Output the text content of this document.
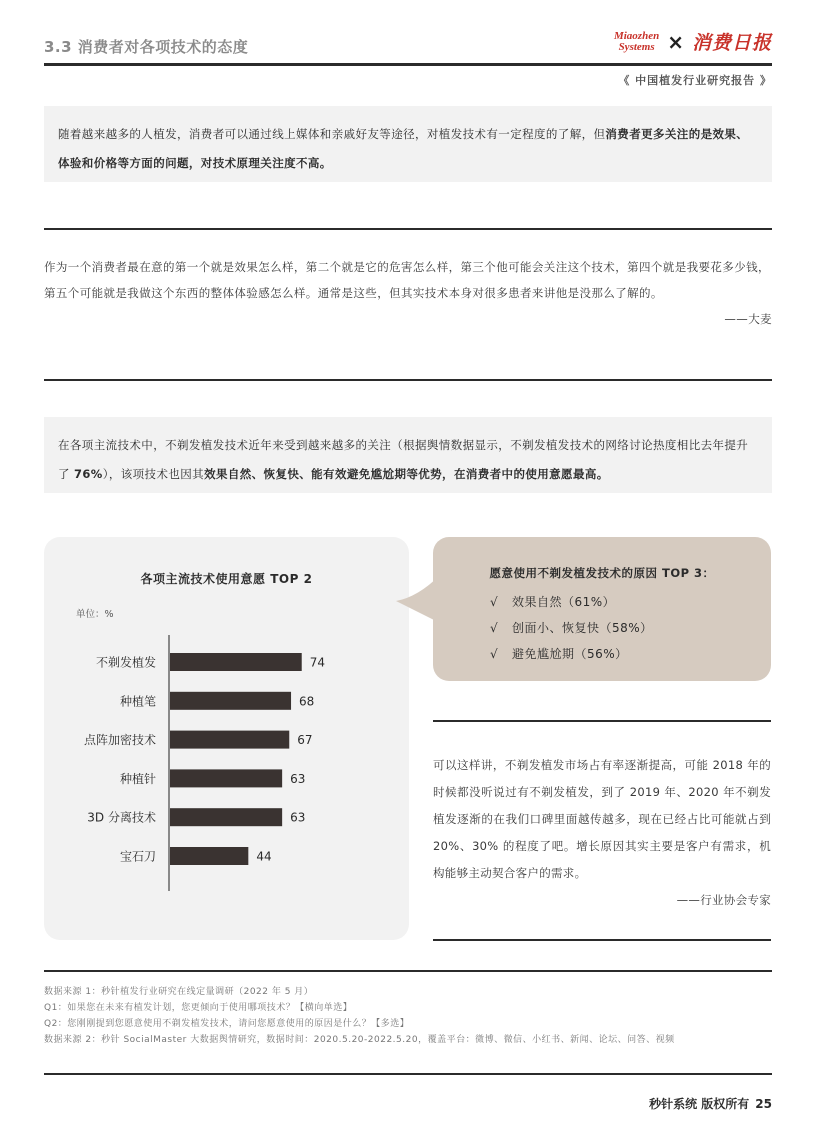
3.3 消费者对各项技术的态度
Miaozhen
Systems × 消费日报
《 中国植发行业研究报告 》
随着越来越多的人植发，消费者可以通过线上媒体和亲戚好友等途径，对植发技术有一定程度的了解，但消费者更多关注的是效果、体验和价格等方面的问题，对技术原理关注度不高。
作为一个消费者最在意的第一个就是效果怎么样，第二个就是它的危害怎么样，第三个他可能会关注这个技术，第四个就是我要花多少钱，第五个可能就是我做这个东西的整体体验感怎么样。通常是这些，但其实技术本身对很多患者来讲他是没那么了解的。
——大麦
在各项主流技术中，不剃发植发技术近年来受到越来越多的关注（根据舆情数据显示，不剃发植发技术的网络讨论热度相比去年提升了 76%），该项技术也因其效果自然、恢复快、能有效避免尴尬期等优势，在消费者中的使用意愿最高。
不剃发植发	74
种植笔	68
点阵加密技术	67
种植针	63
3D 分离技术	63
宝石刀	44
各项主流技术使用意愿 TOP 2
单位：%
愿意使用不剃发植发技术的原因 TOP 3：
√ 效果自然（61%）
√ 创面小、恢复快（58%）
√ 避免尴尬期（56%）
可以这样讲，不剃发植发市场占有率逐渐提高，可能 2018 年的时候都没听说过有不剃发植发，到了 2019 年、2020 年不剃发植发逐渐的在我们口碑里面越传越多，现在已经占比可能就占到 20%、30% 的程度了吧。增长原因其实主要是客户有需求，机构能够主动契合客户的需求。
——行业协会专家
数据来源 1：秒针植发行业研究在线定量调研（2022 年 5 月）
Q1：如果您在未来有植发计划，您更倾向于使用哪项技术？【横向单选】
Q2：您刚刚提到您愿意使用不剃发植发技术，请问您愿意使用的原因是什么？【多选】
数据来源 2：秒针 SocialMaster 大数据舆情研究，数据时间：2020.5.20-2022.5.20，覆盖平台：微博、微信、小红书、新闻、论坛、问答、视频
秒针系统 版权所有 25
